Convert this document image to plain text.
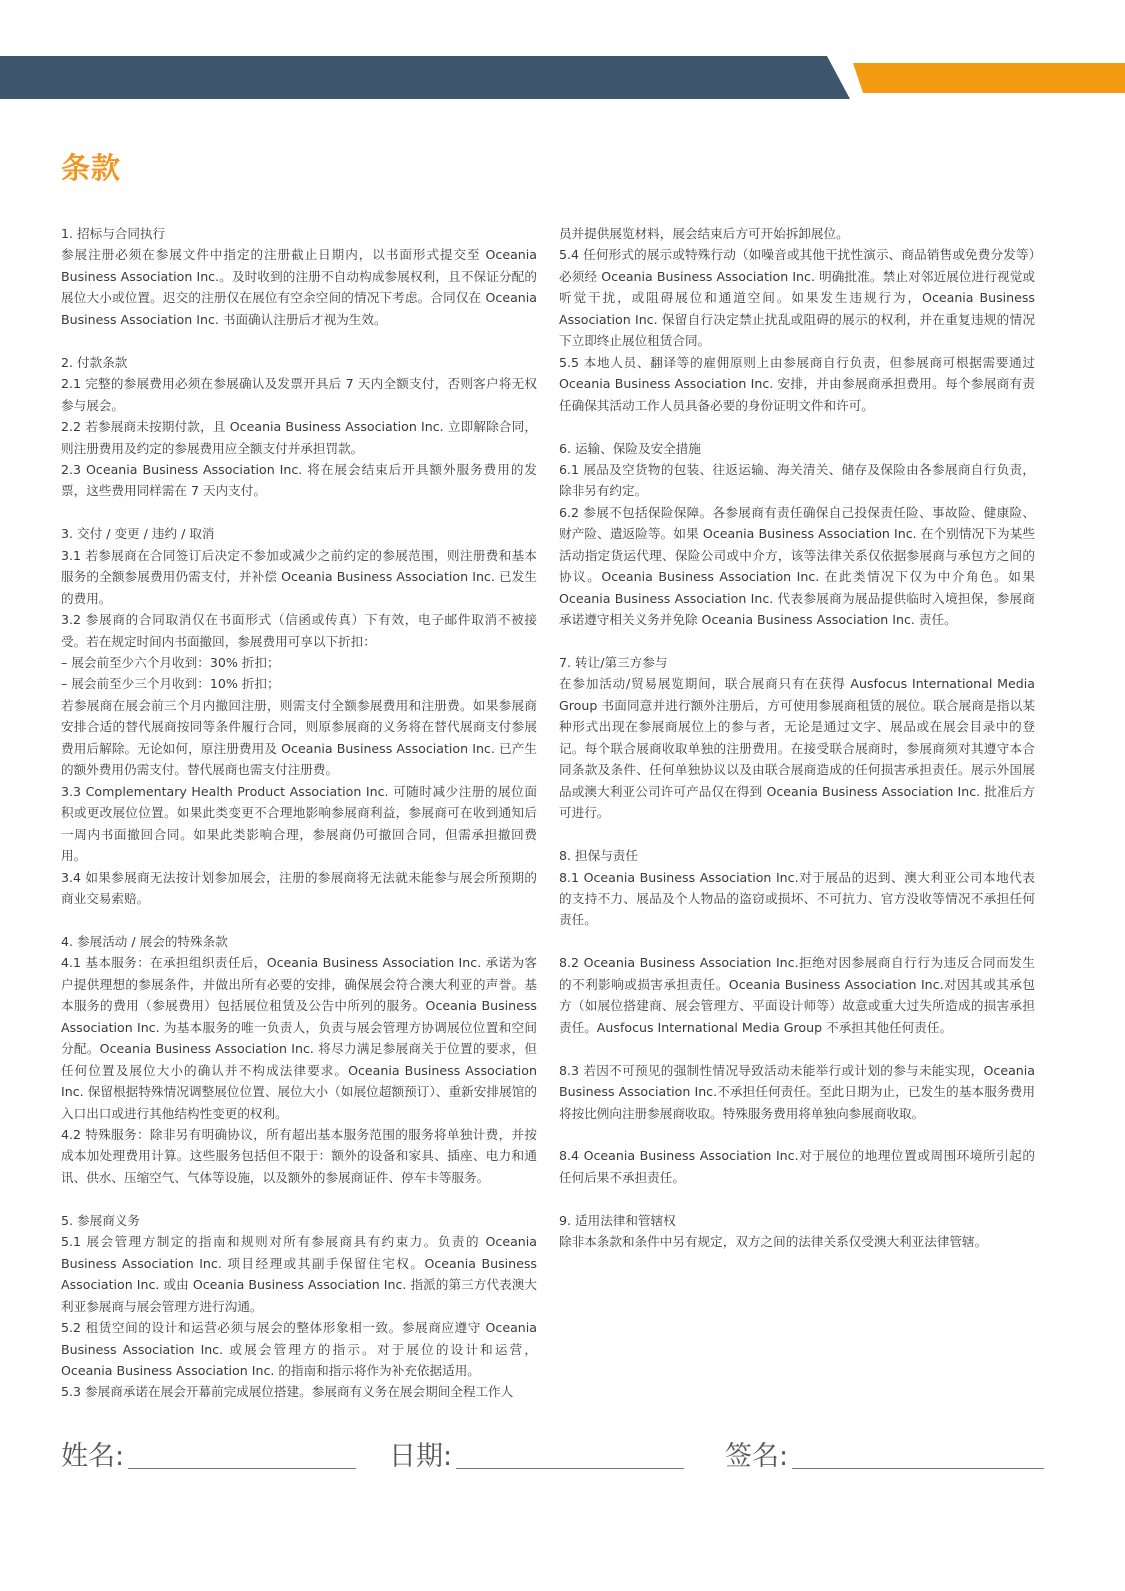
条款
1. 招标与合同执行
参展注册必须在参展文件中指定的注册截止日期内，以书面形式提交至 Oceania Business Association Inc.。及时收到的注册不自动构成参展权利，且不保证分配的展位大小或位置。迟交的注册仅在展位有空余空间的情况下考虑。合同仅在 Oceania Business Association Inc. 书面确认注册后才视为生效。
2. 付款条款
2.1 完整的参展费用必须在参展确认及发票开具后 7 天内全额支付，否则客户将无权参与展会。
2.2 若参展商未按期付款，且 Oceania Business Association Inc. 立即解除合同，则注册费用及约定的参展费用应全额支付并承担罚款。
2.3 Oceania Business Association Inc. 将在展会结束后开具额外服务费用的发票，这些费用同样需在 7 天内支付。
3. 交付 / 变更 / 违约 / 取消
3.1 若参展商在合同签订后决定不参加或减少之前约定的参展范围，则注册费和基本服务的全额参展费用仍需支付，并补偿 Oceania Business Association Inc. 已发生的费用。
3.2 参展商的合同取消仅在书面形式（信函或传真）下有效，电子邮件取消不被接受。若在规定时间内书面撤回，参展费用可享以下折扣：
– 展会前至少六个月收到：30% 折扣；
– 展会前至少三个月收到：10% 折扣；
若参展商在展会前三个月内撤回注册，则需支付全额参展费用和注册费。如果参展商安排合适的替代展商按同等条件履行合同，则原参展商的义务将在替代展商支付参展费用后解除。无论如何，原注册费用及 Oceania Business Association Inc. 已产生的额外费用仍需支付。替代展商也需支付注册费。
3.3 Complementary Health Product Association Inc. 可随时减少注册的展位面积或更改展位位置。如果此类变更不合理地影响参展商利益，参展商可在收到通知后一周内书面撤回合同。如果此类影响合理，参展商仍可撤回合同，但需承担撤回费用。
3.4 如果参展商无法按计划参加展会，注册的参展商将无法就未能参与展会所预期的商业交易索赔。
4. 参展活动 / 展会的特殊条款
4.1 基本服务：在承担组织责任后，Oceania Business Association Inc. 承诺为客户提供理想的参展条件，并做出所有必要的安排，确保展会符合澳大利亚的声誉。基本服务的费用（参展费用）包括展位租赁及公告中所列的服务。Oceania Business Association Inc. 为基本服务的唯一负责人，负责与展会管理方协调展位位置和空间分配。Oceania Business Association Inc. 将尽力满足参展商关于位置的要求，但任何位置及展位大小的确认并不构成法律要求。Oceania Business Association Inc. 保留根据特殊情况调整展位位置、展位大小（如展位超额预订）、重新安排展馆的入口出口或进行其他结构性变更的权利。
4.2 特殊服务：除非另有明确协议，所有超出基本服务范围的服务将单独计费，并按成本加处理费用计算。这些服务包括但不限于：额外的设备和家具、插座、电力和通讯、供水、压缩空气、气体等设施，以及额外的参展商证件、停车卡等服务。
5. 参展商义务
5.1 展会管理方制定的指南和规则对所有参展商具有约束力。负责的 Oceania Business Association Inc. 项目经理或其副手保留住宅权。Oceania Business Association Inc. 或由 Oceania Business Association Inc. 指派的第三方代表澳大利亚参展商与展会管理方进行沟通。
5.2 租赁空间的设计和运营必须与展会的整体形象相一致。参展商应遵守 Oceania Business Association Inc. 或展会管理方的指示。对于展位的设计和运营，Oceania Business Association Inc. 的指南和指示将作为补充依据适用。
5.3 参展商承诺在展会开幕前完成展位搭建。参展商有义务在展会期间全程工作人
员并提供展览材料，展会结束后方可开始拆卸展位。
5.4 任何形式的展示或特殊行动（如噪音或其他干扰性演示、商品销售或免费分发等）必须经 Oceania Business Association Inc. 明确批准。禁止对邻近展位进行视觉或听觉干扰，或阻碍展位和通道空间。如果发生违规行为，Oceania Business Association Inc. 保留自行决定禁止扰乱或阻碍的展示的权利，并在重复违规的情况下立即终止展位租赁合同。
5.5 本地人员、翻译等的雇佣原则上由参展商自行负责，但参展商可根据需要通过 Oceania Business Association Inc. 安排，并由参展商承担费用。每个参展商有责任确保其活动工作人员具备必要的身份证明文件和许可。
6. 运输、保险及安全措施
6.1 展品及空货物的包装、往返运输、海关清关、储存及保险由各参展商自行负责，除非另有约定。
6.2 参展不包括保险保障。各参展商有责任确保自己投保责任险、事故险、健康险、财产险、遣返险等。如果 Oceania Business Association Inc. 在个别情况下为某些活动指定货运代理、保险公司或中介方，该等法律关系仅依据参展商与承包方之间的协议。Oceania Business Association Inc. 在此类情况下仅为中介角色。如果 Oceania Business Association Inc. 代表参展商为展品提供临时入境担保，参展商承诺遵守相关义务并免除 Oceania Business Association Inc. 责任。
7. 转让/第三方参与
在参加活动/贸易展览期间，联合展商只有在获得 Ausfocus International Media Group 书面同意并进行额外注册后，方可使用参展商租赁的展位。联合展商是指以某种形式出现在参展商展位上的参与者，无论是通过文字、展品或在展会目录中的登记。每个联合展商收取单独的注册费用。在接受联合展商时，参展商须对其遵守本合同条款及条件、任何单独协议以及由联合展商造成的任何损害承担责任。展示外国展品或澳大利亚公司许可产品仅在得到 Oceania Business Association Inc. 批准后方可进行。
8. 担保与责任
8.1 Oceania Business Association Inc.对于展品的迟到、澳大利亚公司本地代表的支持不力、展品及个人物品的盗窃或损坏、不可抗力、官方没收等情况不承担任何责任。
8.2 Oceania Business Association Inc.拒绝对因参展商自行行为违反合同而发生的不利影响或损害承担责任。Oceania Business Association Inc.对因其或其承包方（如展位搭建商、展会管理方、平面设计师等）故意或重大过失所造成的损害承担责任。Ausfocus International Media Group 不承担其他任何责任。
8.3 若因不可预见的强制性情况导致活动未能举行或计划的参与未能实现，Oceania Business Association Inc.不承担任何责任。至此日期为止，已发生的基本服务费用将按比例向注册参展商收取。特殊服务费用将单独向参展商收取。
8.4 Oceania Business Association Inc.对于展位的地理位置或周围环境所引起的任何后果不承担责任。
9. 适用法律和管辖权
除非本条款和条件中另有规定，双方之间的法律关系仅受澳大利亚法律管辖。
姓名:	日期:	签名:
